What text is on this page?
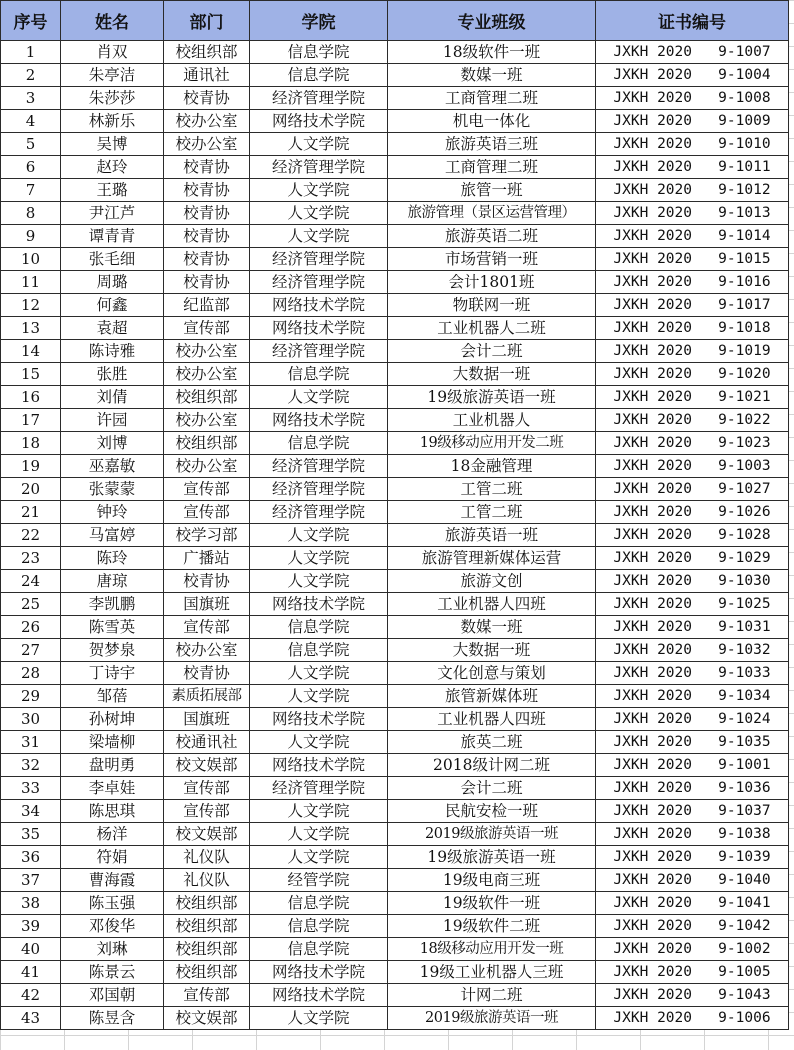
序号	姓名	部门	学院	专业班级	证书编号
1	肖双	校组织部	信息学院	18级软件一班	JXKH 2020   9-1007
2	朱亭洁	通讯社	信息学院	数媒一班	JXKH 2020   9-1004
3	朱莎莎	校青协	经济管理学院	工商管理二班	JXKH 2020   9-1008
4	林新乐	校办公室	网络技术学院	机电一体化	JXKH 2020   9-1009
5	吴博	校办公室	人文学院	旅游英语三班	JXKH 2020   9-1010
6	赵玲	校青协	经济管理学院	工商管理二班	JXKH 2020   9-1011
7	王璐	校青协	人文学院	旅管一班	JXKH 2020   9-1012
8	尹江芦	校青协	人文学院	旅游管理（景区运营管理）	JXKH 2020   9-1013
9	谭青青	校青协	人文学院	旅游英语二班	JXKH 2020   9-1014
10	张毛细	校青协	经济管理学院	市场营销一班	JXKH 2020   9-1015
11	周璐	校青协	经济管理学院	会计1801班	JXKH 2020   9-1016
12	何鑫	纪监部	网络技术学院	物联网一班	JXKH 2020   9-1017
13	袁超	宣传部	网络技术学院	工业机器人二班	JXKH 2020   9-1018
14	陈诗雅	校办公室	经济管理学院	会计二班	JXKH 2020   9-1019
15	张胜	校办公室	信息学院	大数据一班	JXKH 2020   9-1020
16	刘倩	校组织部	人文学院	19级旅游英语一班	JXKH 2020   9-1021
17	许园	校办公室	网络技术学院	工业机器人	JXKH 2020   9-1022
18	刘博	校组织部	信息学院	19级移动应用开发二班	JXKH 2020   9-1023
19	巫嘉敏	校办公室	经济管理学院	18金融管理	JXKH 2020   9-1003
20	张蒙蒙	宣传部	经济管理学院	工管二班	JXKH 2020   9-1027
21	钟玲	宣传部	经济管理学院	工管二班	JXKH 2020   9-1026
22	马富婷	校学习部	人文学院	旅游英语一班	JXKH 2020   9-1028
23	陈玲	广播站	人文学院	旅游管理新媒体运营	JXKH 2020   9-1029
24	唐琼	校青协	人文学院	旅游文创	JXKH 2020   9-1030
25	李凯鹏	国旗班	网络技术学院	工业机器人四班	JXKH 2020   9-1025
26	陈雪英	宣传部	信息学院	数媒一班	JXKH 2020   9-1031
27	贺梦泉	校办公室	信息学院	大数据一班	JXKH 2020   9-1032
28	丁诗宇	校青协	人文学院	文化创意与策划	JXKH 2020   9-1033
29	邹蓓	素质拓展部	人文学院	旅管新媒体班	JXKH 2020   9-1034
30	孙树坤	国旗班	网络技术学院	工业机器人四班	JXKH 2020   9-1024
31	梁墙柳	校通讯社	人文学院	旅英二班	JXKH 2020   9-1035
32	盘明勇	校文娱部	网络技术学院	2018级计网二班	JXKH 2020   9-1001
33	李卓娃	宣传部	经济管理学院	会计二班	JXKH 2020   9-1036
34	陈思琪	宣传部	人文学院	民航安检一班	JXKH 2020   9-1037
35	杨洋	校文娱部	人文学院	2019级旅游英语一班	JXKH 2020   9-1038
36	符娟	礼仪队	人文学院	19级旅游英语一班	JXKH 2020   9-1039
37	曹海霞	礼仪队	经管学院	19级电商三班	JXKH 2020   9-1040
38	陈玉强	校组织部	信息学院	19级软件一班	JXKH 2020   9-1041
39	邓俊华	校组织部	信息学院	19级软件二班	JXKH 2020   9-1042
40	刘琳	校组织部	信息学院	18级移动应用开发一班	JXKH 2020   9-1002
41	陈景云	校组织部	网络技术学院	19级工业机器人三班	JXKH 2020   9-1005
42	邓国朝	宣传部	网络技术学院	计网二班	JXKH 2020   9-1043
43	陈昱含	校文娱部	人文学院	2019级旅游英语一班	JXKH 2020   9-1006
